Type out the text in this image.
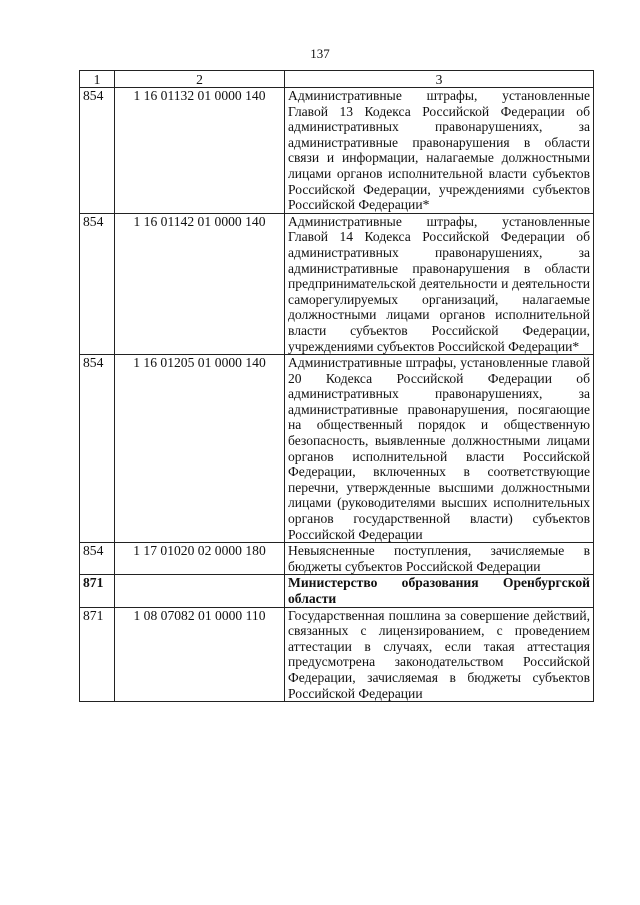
137
1	2	3
854	1 16 01132 01 0000 140	Административные штрафы, установленные Главой 13 Кодекса Российской Федерации об административных правонарушениях, за административные правонарушения в области связи и информации, налагаемые должностными лицами органов исполнительной власти субъектов Российской Федерации, учреждениями субъектов Российской Федерации*
854	1 16 01142 01 0000 140	Административные штрафы, установленные Главой 14 Кодекса Российской Федерации об административных правонарушениях, за административные правонарушения в области предпринимательской деятельности и деятельности саморегулируемых организаций, налагаемые должностными лицами органов исполнительной власти субъектов Российской Федерации, учреждениями субъектов Российской Федерации*
854	1 16 01205 01 0000 140	Административные штрафы, установленные главой 20 Кодекса Российской Федерации об административных правонарушениях, за административные правонарушения, посягающие на общественный порядок и общественную безопасность, выявленные должностными лицами органов исполнительной власти Российской Федерации, включенных в соответствующие перечни, утвержденные высшими должностными лицами (руководителями высших исполнительных органов государственной власти) субъектов Российской Федерации
854	1 17 01020 02 0000 180	Невыясненные поступления, зачисляемые в бюджеты субъектов Российской Федерации
871		Министерство образования Оренбургской области
871	1 08 07082 01 0000 110	Государственная пошлина за совершение действий, связанных с лицензированием, с проведением аттестации в случаях, если такая аттестация предусмотрена законодательством Российской Федерации, зачисляемая в бюджеты субъектов Российской Федерации
